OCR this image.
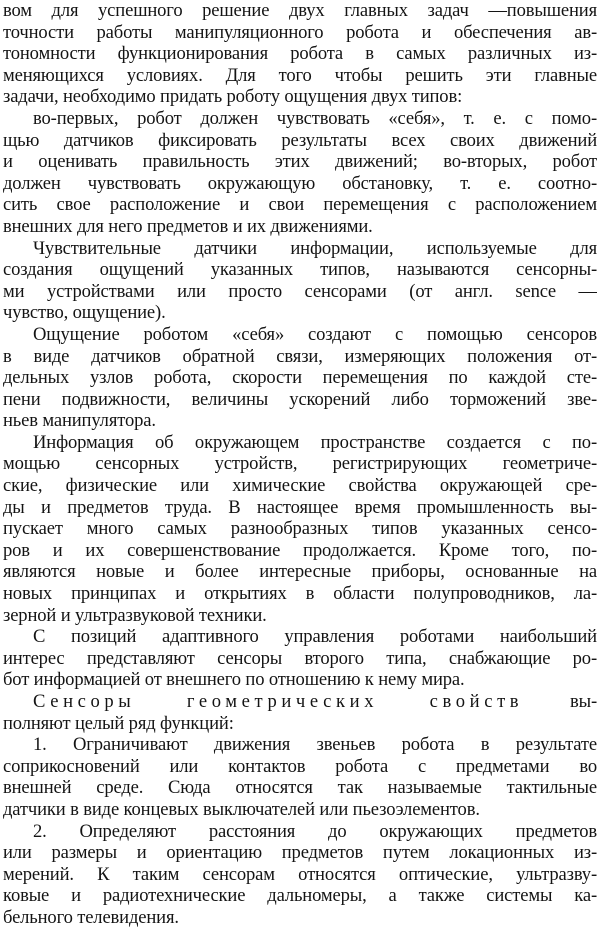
вом для успешного решение двух главных задач —повышения
точности работы манипуляционного робота и обеспечения ав-
тономности функционирования робота в самых различных из-
меняющихся условиях. Для того чтобы решить эти главные
задачи, необходимо придать роботу ощущения двух типов:
во-первых, робот должен чувствовать «себя», т. е. с помо-
щью датчиков фиксировать результаты всех своих движений
и оценивать правильность этих движений; во-вторых, робот
должен чувствовать окружающую обстановку, т. е. соотно-
сить свое расположение и свои перемещения с расположением
внешних для него предметов и их движениями.
Чувствительные датчики информации, используемые для
создания ощущений указанных типов, называются сенсорны-
ми устройствами или просто сенсорами (от англ. sence —
чувство, ощущение).
Ощущение роботом «себя» создают с помощью сенсоров
в виде датчиков обратной связи, измеряющих положения от-
дельных узлов робота, скорости перемещения по каждой сте-
пени подвижности, величины ускорений либо торможений зве-
ньев манипулятора.
Информация об окружающем пространстве создается с по-
мощью сенсорных устройств, регистрирующих геометриче-
ские, физические или химические свойства окружающей сре-
ды и предметов труда. В настоящее время промышленность вы-
пускает много самых разнообразных типов указанных сенсо-
ров и их совершенствование продолжается. Кроме того, по-
являются новые и более интересные приборы, основанные на
новых принципах и открытиях в области полупроводников, ла-
зерной и ультразвуковой техники.
С позиций адаптивного управления роботами наибольший
интерес представляют сенсоры второго типа, снабжающие ро-
бот информацией от внешнего по отношению к нему мира.
Сенсоры геометрических свойств вы-
полняют целый ряд функций:
1. Ограничивают движения звеньев робота в результате
соприкосновений или контактов робота с предметами во
внешней среде. Сюда относятся так называемые тактильные
датчики в виде концевых выключателей или пьезоэлементов.
2. Определяют расстояния до окружающих предметов
или размеры и ориентацию предметов путем локационных из-
мерений. К таким сенсорам относятся оптические, ультразву-
ковые и радиотехнические дальномеры, а также системы ка-
бельного телевидения.
